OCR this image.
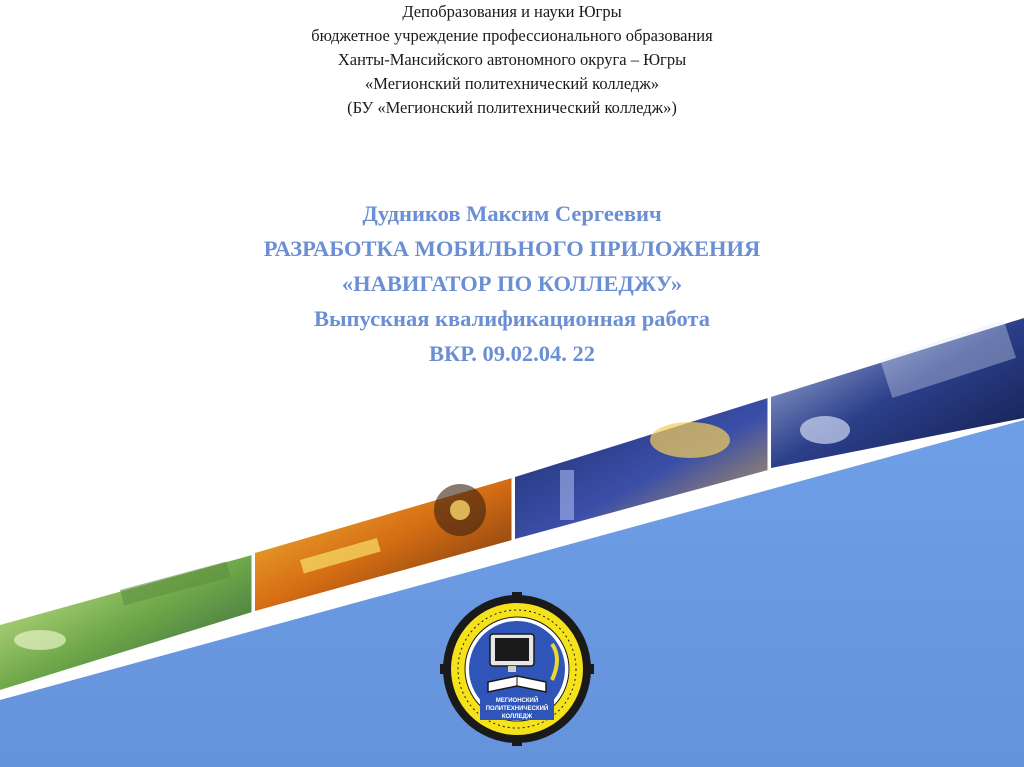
Депобразования и науки Югры
бюджетное учреждение профессионального образования
Ханты-Мансийского автономного округа – Югры
«Мегионский политехнический колледж»
(БУ «Мегионский политехнический колледж»)
Дудников Максим Сергеевич
РАЗРАБОТКА МОБИЛЬНОГО ПРИЛОЖЕНИЯ
«НАВИГАТОР ПО КОЛЛЕДЖУ»
Выпускная квалификационная работа
ВКР. 09.02.04. 22
МЕГИОНСКИЙ
ПОЛИТЕХНИЧЕСКИЙ
КОЛЛЕДЖ
